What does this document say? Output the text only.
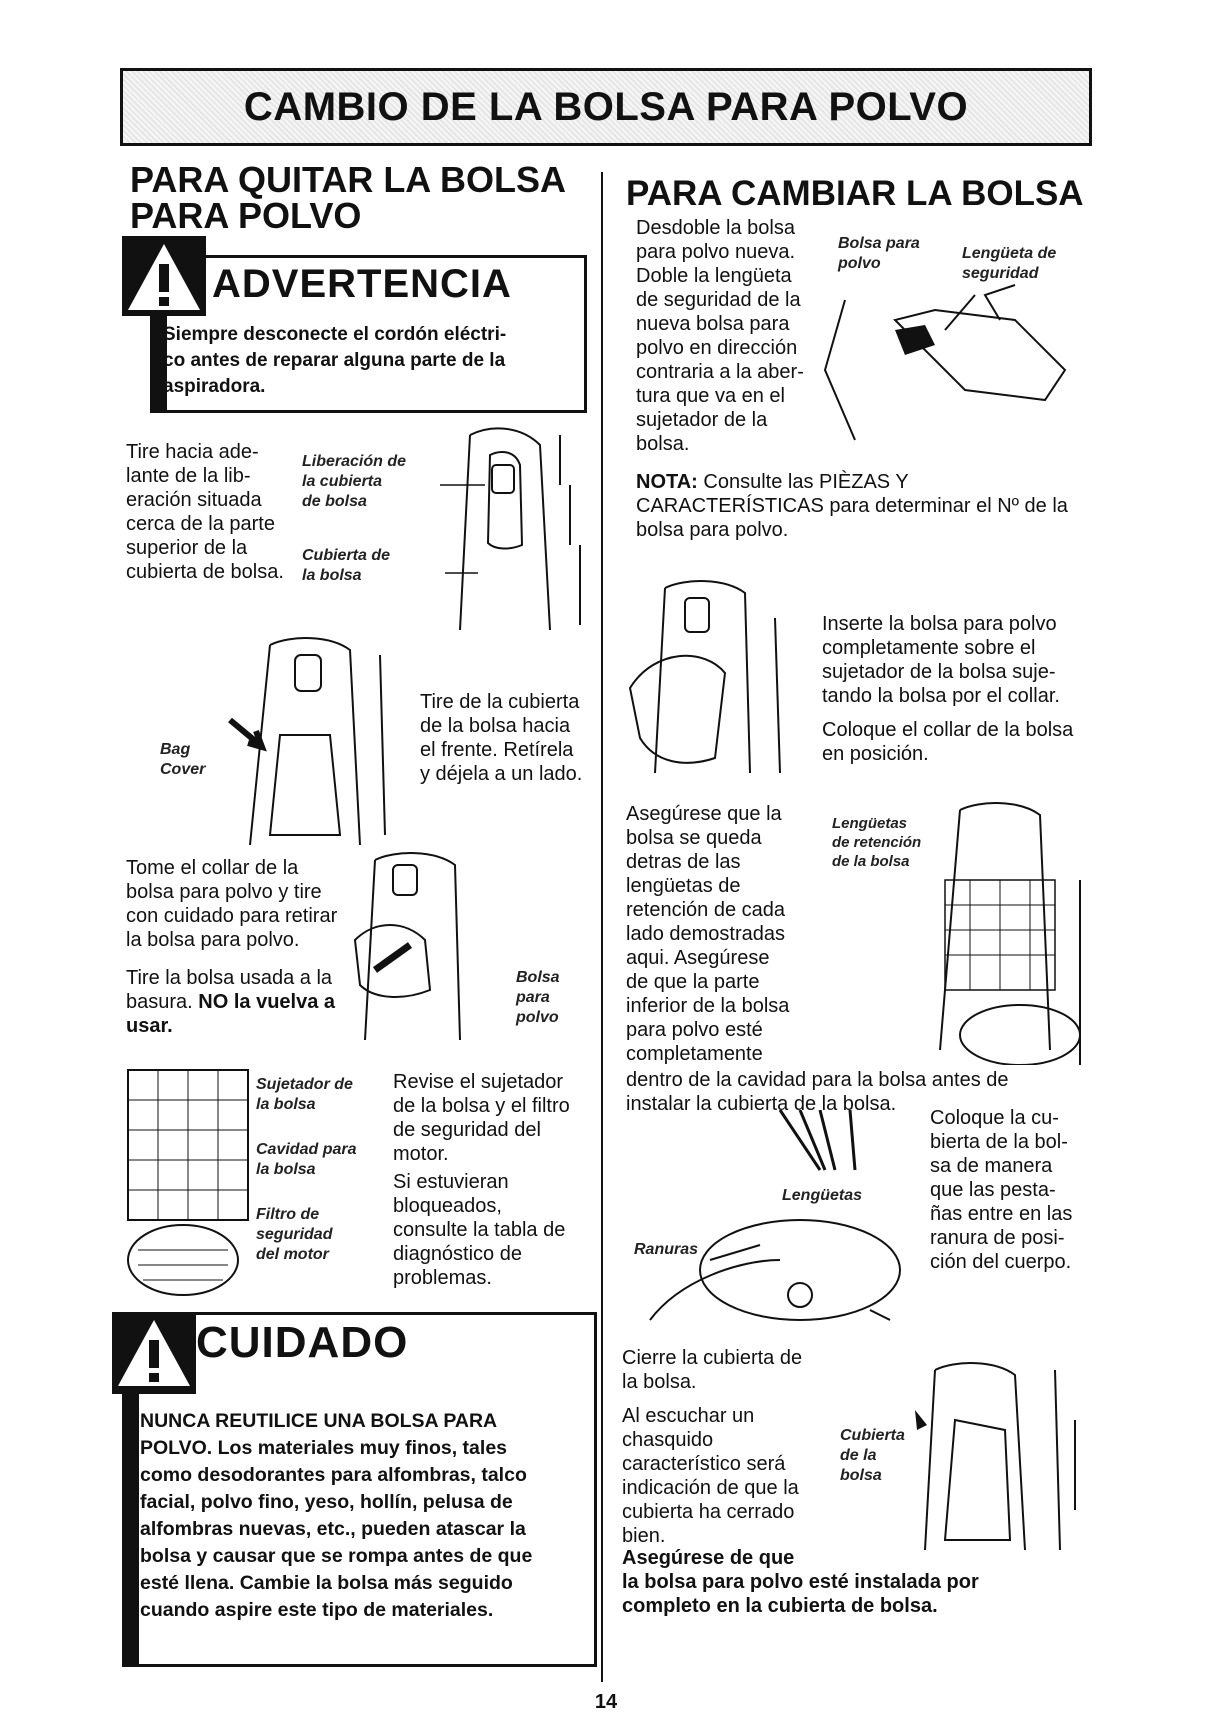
CAMBIO DE LA BOLSA PARA POLVO
PARA QUITAR LA BOLSA
PARA POLVO
ADVERTENCIA
Siempre desconecte el cordón eléctri-
co antes de reparar alguna parte de la
aspiradora.
Tire hacia ade-
lante de la lib-
eración situada
cerca de la parte
superior de la
cubierta de bolsa.
Liberación de
la cubierta
de bolsa
Cubierta de
la bolsa
Bag
Cover
Tire de la cubierta
de la bolsa hacia
el frente. Retírela
y déjela a un lado.
Tome el collar de la
bolsa para polvo y tire
con cuidado para retirar
la bolsa para polvo.
Tire la bolsa usada a la
basura. NO la vuelva a
usar.
Bolsa
para
polvo
Sujetador de
la bolsa
Cavidad para
la bolsa
Filtro de
seguridad
del motor
Revise el sujetador
de la bolsa y el filtro
de seguridad del
motor.
Si estuvieran
bloqueados,
consulte la tabla de
diagnóstico de
problemas.
CUIDADO
NUNCA REUTILICE UNA BOLSA PARA
POLVO. Los materiales muy finos, tales
como desodorantes para alfombras, talco
facial, polvo fino, yeso, hollín, pelusa de
alfombras nuevas, etc., pueden atascar la
bolsa y causar que se rompa antes de que
esté llena. Cambie la bolsa más seguido
cuando aspire este tipo de materiales.
PARA CAMBIAR LA BOLSA
Desdoble la bolsa
para polvo nueva.
Doble la lengüeta
de seguridad de la
nueva bolsa para
polvo en dirección
contraria a la aber-
tura que va en el
sujetador de la
bolsa.
Bolsa para
polvo
Lengüeta de
seguridad
NOTA: Consulte las PIÈZAS Y
CARACTERÍSTICAS para determinar el Nº de la
bolsa para polvo.
Inserte la bolsa para polvo
completamente sobre el
sujetador de la bolsa suje-
tando la bolsa por el collar.
Coloque el collar de la bolsa
en posición.
Asegúrese que la
bolsa se queda
detras de las
lengüetas de
retención de cada
lado demostradas
aqui. Asegúrese
de que la parte
inferior de la bolsa
para polvo esté
completamente
dentro de la cavidad para la bolsa antes de
instalar la cubierta de la bolsa.
Lengüetas
de retención
de la bolsa
Lengüetas
Ranuras
Coloque la cu-
bierta de la bol-
sa de manera
que las pesta-
ñas entre en las
ranura de posi-
ción del cuerpo.
Cierre la cubierta de
la bolsa.
Al escuchar un
chasquido
característico será
indicación de que la
cubierta ha cerrado
bien.
Cubierta
de la
bolsa
Asegúrese de que
la bolsa para polvo esté instalada por
completo en la cubierta de bolsa.
14
